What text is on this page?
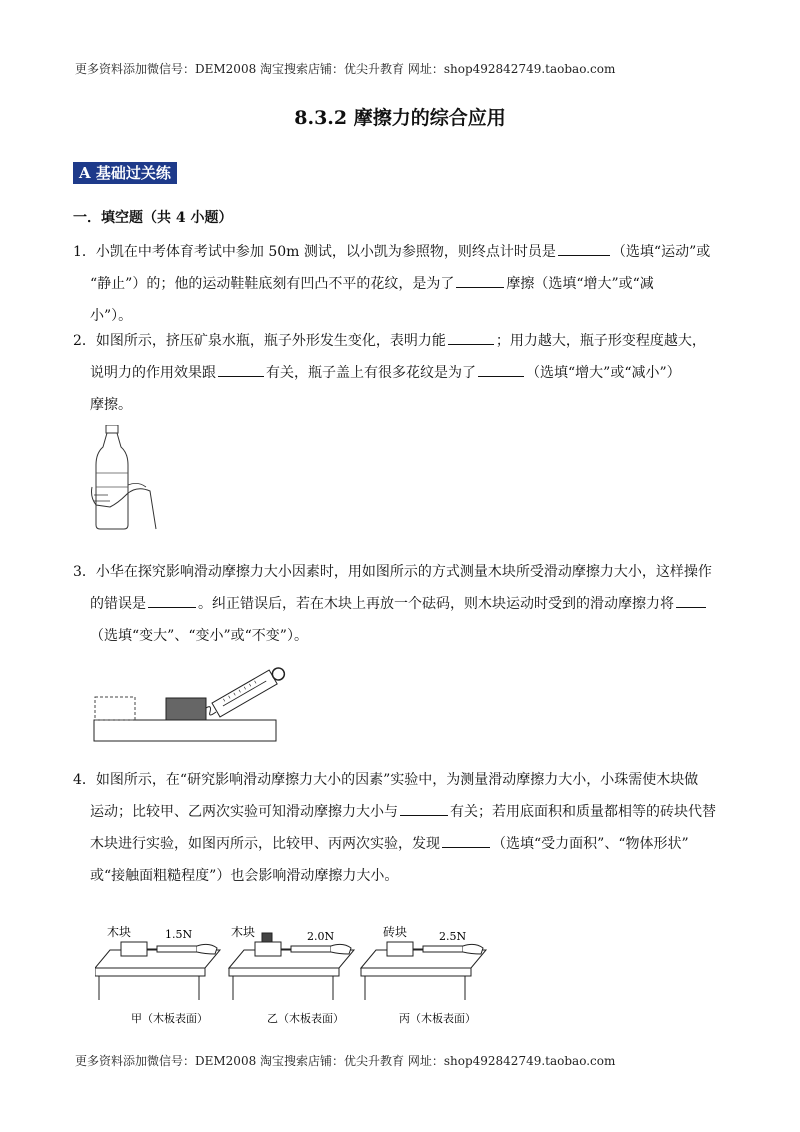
更多资料添加微信号：DEM2008 淘宝搜索店铺：优尖升教育 网址：shop492842749.taobao.com
8.3.2 摩擦力的综合应用
A 基础过关练
一．填空题（共 4 小题）
1．小凯在中考体育考试中参加 50m 测试，以小凯为参照物，则终点计时员是	（选填“运动”或
“静止”）的；他的运动鞋鞋底刻有凹凸不平的花纹，是为了	摩擦（选填“增大”或“减
小”）。
2．如图所示，挤压矿泉水瓶，瓶子外形发生变化，表明力能	；用力越大，瓶子形变程度越大，
说明力的作用效果跟	有关，瓶子盖上有很多花纹是为了	（选填“增大”或“减小”）
摩擦。
3．小华在探究影响滑动摩擦力大小因素时，用如图所示的方式测量木块所受滑动摩擦力大小，这样操作
的错误是	。纠正错误后，若在木块上再放一个砝码，则木块运动时受到的滑动摩擦力将
（选填“变大”、“变小”或“不变”）。
4．如图所示，在“研究影响滑动摩擦力大小的因素”实验中，为测量滑动摩擦力大小，小珠需使木块做
运动；比较甲、乙两次实验可知滑动摩擦力大小与	有关；若用底面积和质量都相等的砖块代替
木块进行实验，如图丙所示，比较甲、丙两次实验，发现	（选填“受力面积”、“物体形状”
或“接触面粗糙程度”）也会影响滑动摩擦力大小。
木块	1.5N
甲（木板表面）
木块	2.0N
乙（木板表面）
砖块	2.5N
丙（木板表面）
更多资料添加微信号：DEM2008 淘宝搜索店铺：优尖升教育 网址：shop492842749.taobao.com
